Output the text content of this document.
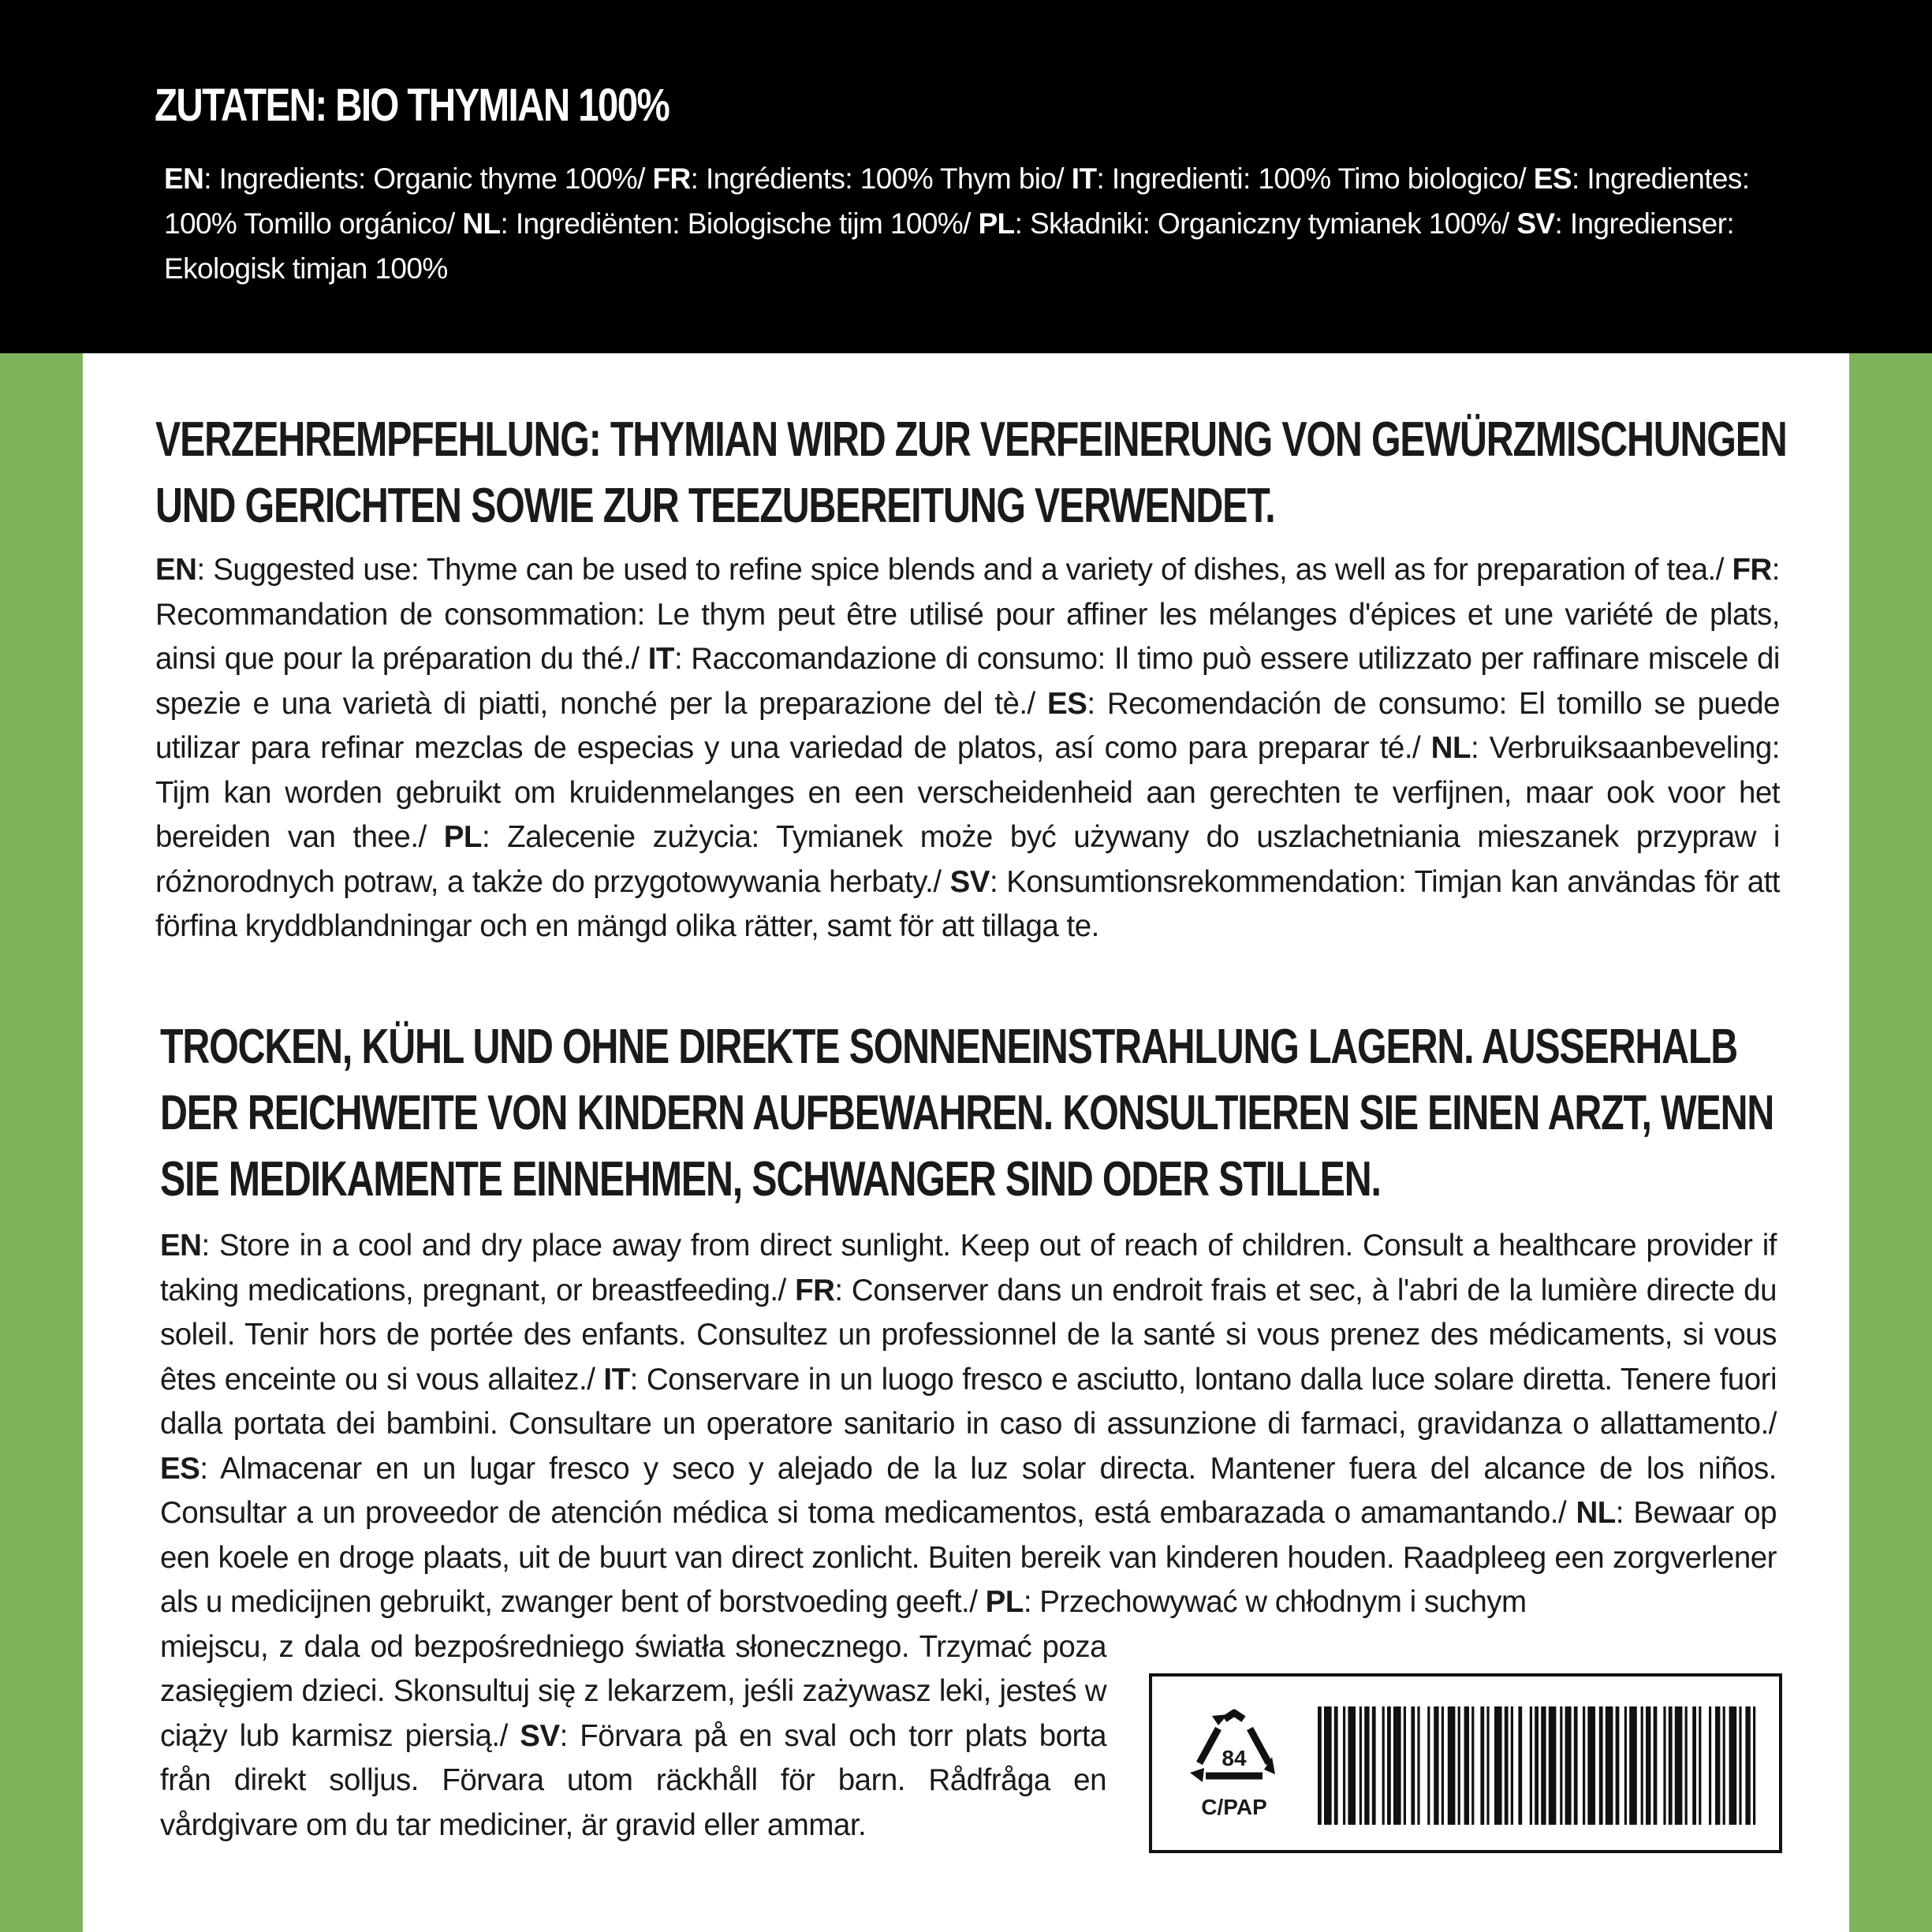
ZUTATEN: BIO THYMIAN 100%
EN: Ingredients: Organic thyme 100%/ FR: Ingrédients: 100% Thym bio/ IT: Ingredienti: 100% Timo biologico/ ES: Ingredientes: 100% Tomillo orgánico/ NL: Ingrediënten: Biologische tijm 100%/ PL: Składniki: Organiczny tymianek 100%/ SV: Ingredienser: Ekologisk timjan 100%
VERZEHREMPFEHLUNG: THYMIAN WIRD ZUR VERFEINERUNG VON GEWÜRZMISCHUNGEN UND GERICHTEN SOWIE ZUR TEEZUBEREITUNG VERWENDET.
EN: Suggested use: Thyme can be used to refine spice blends and a variety of dishes, as well as for preparation of tea./ FR: Recommandation de consommation: Le thym peut être utilisé pour affiner les mélanges d'épices et une variété de plats, ainsi que pour la préparation du thé./ IT: Raccomandazione di consumo: Il timo può essere utilizzato per raffinare miscele di spezie e una varietà di piatti, nonché per la preparazione del tè./ ES: Recomendación de consumo: El tomillo se puede utilizar para refinar mezclas de especias y una variedad de platos, así como para preparar té./ NL: Verbruiksaanbeveling: Tijm kan worden gebruikt om kruidenmelanges en een verscheidenheid aan gerechten te verfijnen, maar ook voor het bereiden van thee./ PL: Zalecenie zużycia: Tymianek może być używany do uszlachetniania mieszanek przypraw i różnorodnych potraw, a także do przygotowywania herbaty./ SV: Konsumtionsrekommendation: Timjan kan användas för att förfina kryddblandningar och en mängd olika rätter, samt för att tillaga te.
TROCKEN, KÜHL UND OHNE DIREKTE SONNENEINSTRAHLUNG LAGERN. AUSSERHALB DER REICHWEITE VON KINDERN AUFBEWAHREN. KONSULTIEREN SIE EINEN ARZT, WENN SIE MEDIKAMENTE EINNEHMEN, SCHWANGER SIND ODER STILLEN.
EN: Store in a cool and dry place away from direct sunlight. Keep out of reach of children. Consult a healthcare provider if taking medications, pregnant, or breastfeeding./ FR: Conserver dans un endroit frais et sec, à l'abri de la lumière directe du soleil. Tenir hors de portée des enfants. Consultez un professionnel de la santé si vous prenez des médicaments, si vous êtes enceinte ou si vous allaitez./ IT: Conservare in un luogo fresco e asciutto, lontano dalla luce solare diretta. Tenere fuori dalla portata dei bambini. Consultare un operatore sanitario in caso di assunzione di farmaci, gravidanza o allattamento./ ES: Almacenar en un lugar fresco y seco y alejado de la luz solar directa. Mantener fuera del alcance de los niños. Consultar a un proveedor de atención médica si toma medicamentos, está embarazada o amamantando./ NL: Bewaar op een koele en droge plaats, uit de buurt van direct zonlicht. Buiten bereik van kinderen houden. Raadpleeg een zorgverlener als u medicijnen gebruikt, zwanger bent of borstvoeding geeft./ PL: Przechowywać w chłodnym i suchym
miejscu, z dala od bezpośredniego światła słonecznego. Trzymać poza zasięgiem dzieci. Skonsultuj się z lekarzem, jeśli zażywasz leki, jesteś w ciąży lub karmisz piersią./ SV: Förvara på en sval och torr plats borta från direkt solljus. Förvara utom räckhåll för barn. Rådfråga en vårdgivare om du tar mediciner, är gravid eller ammar.
84
C/PAP
